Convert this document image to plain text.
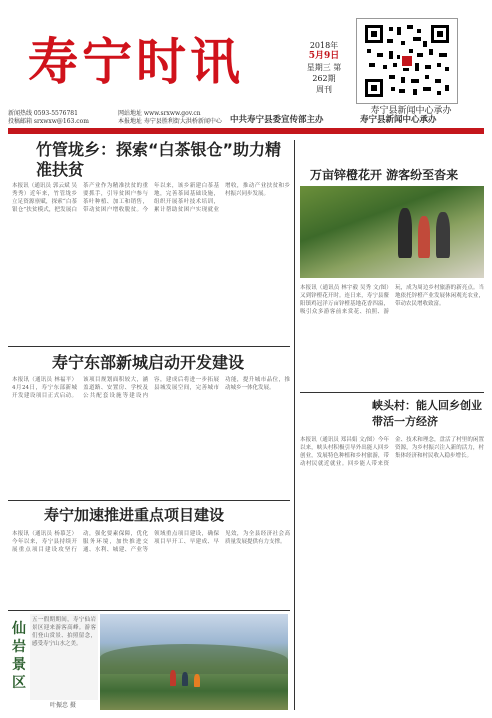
寿宁时讯	2018年
5月9日
星期三 第262期
周刊
寿宁县新闻中心承办
新闻热线 0593-5576781
投稿邮箱 srxwxw@163.com
网站地址 www.srxww.gov.cn
本报地址 寿宁县胜利街大洪桥新闻中心 中共寿宁县委宣传部主办	寿宁县新闻中心承办
竹管垅乡：探索“白茶银仓”助力精准扶贫
本报讯（通讯员 郭云斌 吴秀秀）近年来，竹管垅乡立足资源禀赋，探索“白茶银仓”扶贫模式，把发展白茶产业作为精准扶贫的重要抓手，引导贫困户参与茶叶种植、加工和销售，带动贫困户增收脱贫。今年以来，该乡新建白茶基地，完善茶园基础设施，组织开展茶叶技术培训，累计帮助贫困户实现就业增收，推动产业扶贫和乡村振兴同步发展。
万亩锌橙花开 游客纷至沓来
本报讯（通讯员 林宇毅 吴秀 文/图）又到锌橙花开时。连日来，寿宁县鳌阳镇鸡冠洋万亩锌橙基地花香四溢，吸引众多游客前来赏花、拍照、游玩，成为周边乡村旅游的新亮点。当地依托锌橙产业发展休闲观光农业，带动农民增收致富。
寿宁东部新城启动开发建设
本报讯（通讯员 林福平）4月24日，寿宁东部新城开发建设项目正式启动。该项目规划面积较大，涵盖道路、安置房、学校及公共配套设施等建设内容，建成后将进一步拓展县城发展空间，完善城市功能，提升城市品位，推动城乡一体化发展。
峡头村：能人回乡创业 带活一方经济
本报讯（通讯员 郑昌娟 文/图）今年以来，峡头村积极引导外出能人回乡创业，发展特色种植和乡村旅游，带动村民就近就业。回乡能人带来资金、技术和理念，盘活了村里的闲置资源，为乡村振兴注入新的活力，村集体经济和村民收入稳步增长。
寿宁加速推进重点项目建设
本报讯（通讯员 杨慕芝）今年以来，寿宁县持续开展重点项目建设攻坚行动，强化要素保障，优化服务环境，加快推进交通、水利、城建、产业等领域重点项目建设，确保项目早开工、早建成、早见效，为全县经济社会高质量发展提供有力支撑。
仙岩景区
五一假期期间，寿宁仙岩景区迎来游客高峰。游客们登山赏景、拍照留念，感受寿宁山水之美。
叶振忠 摄
